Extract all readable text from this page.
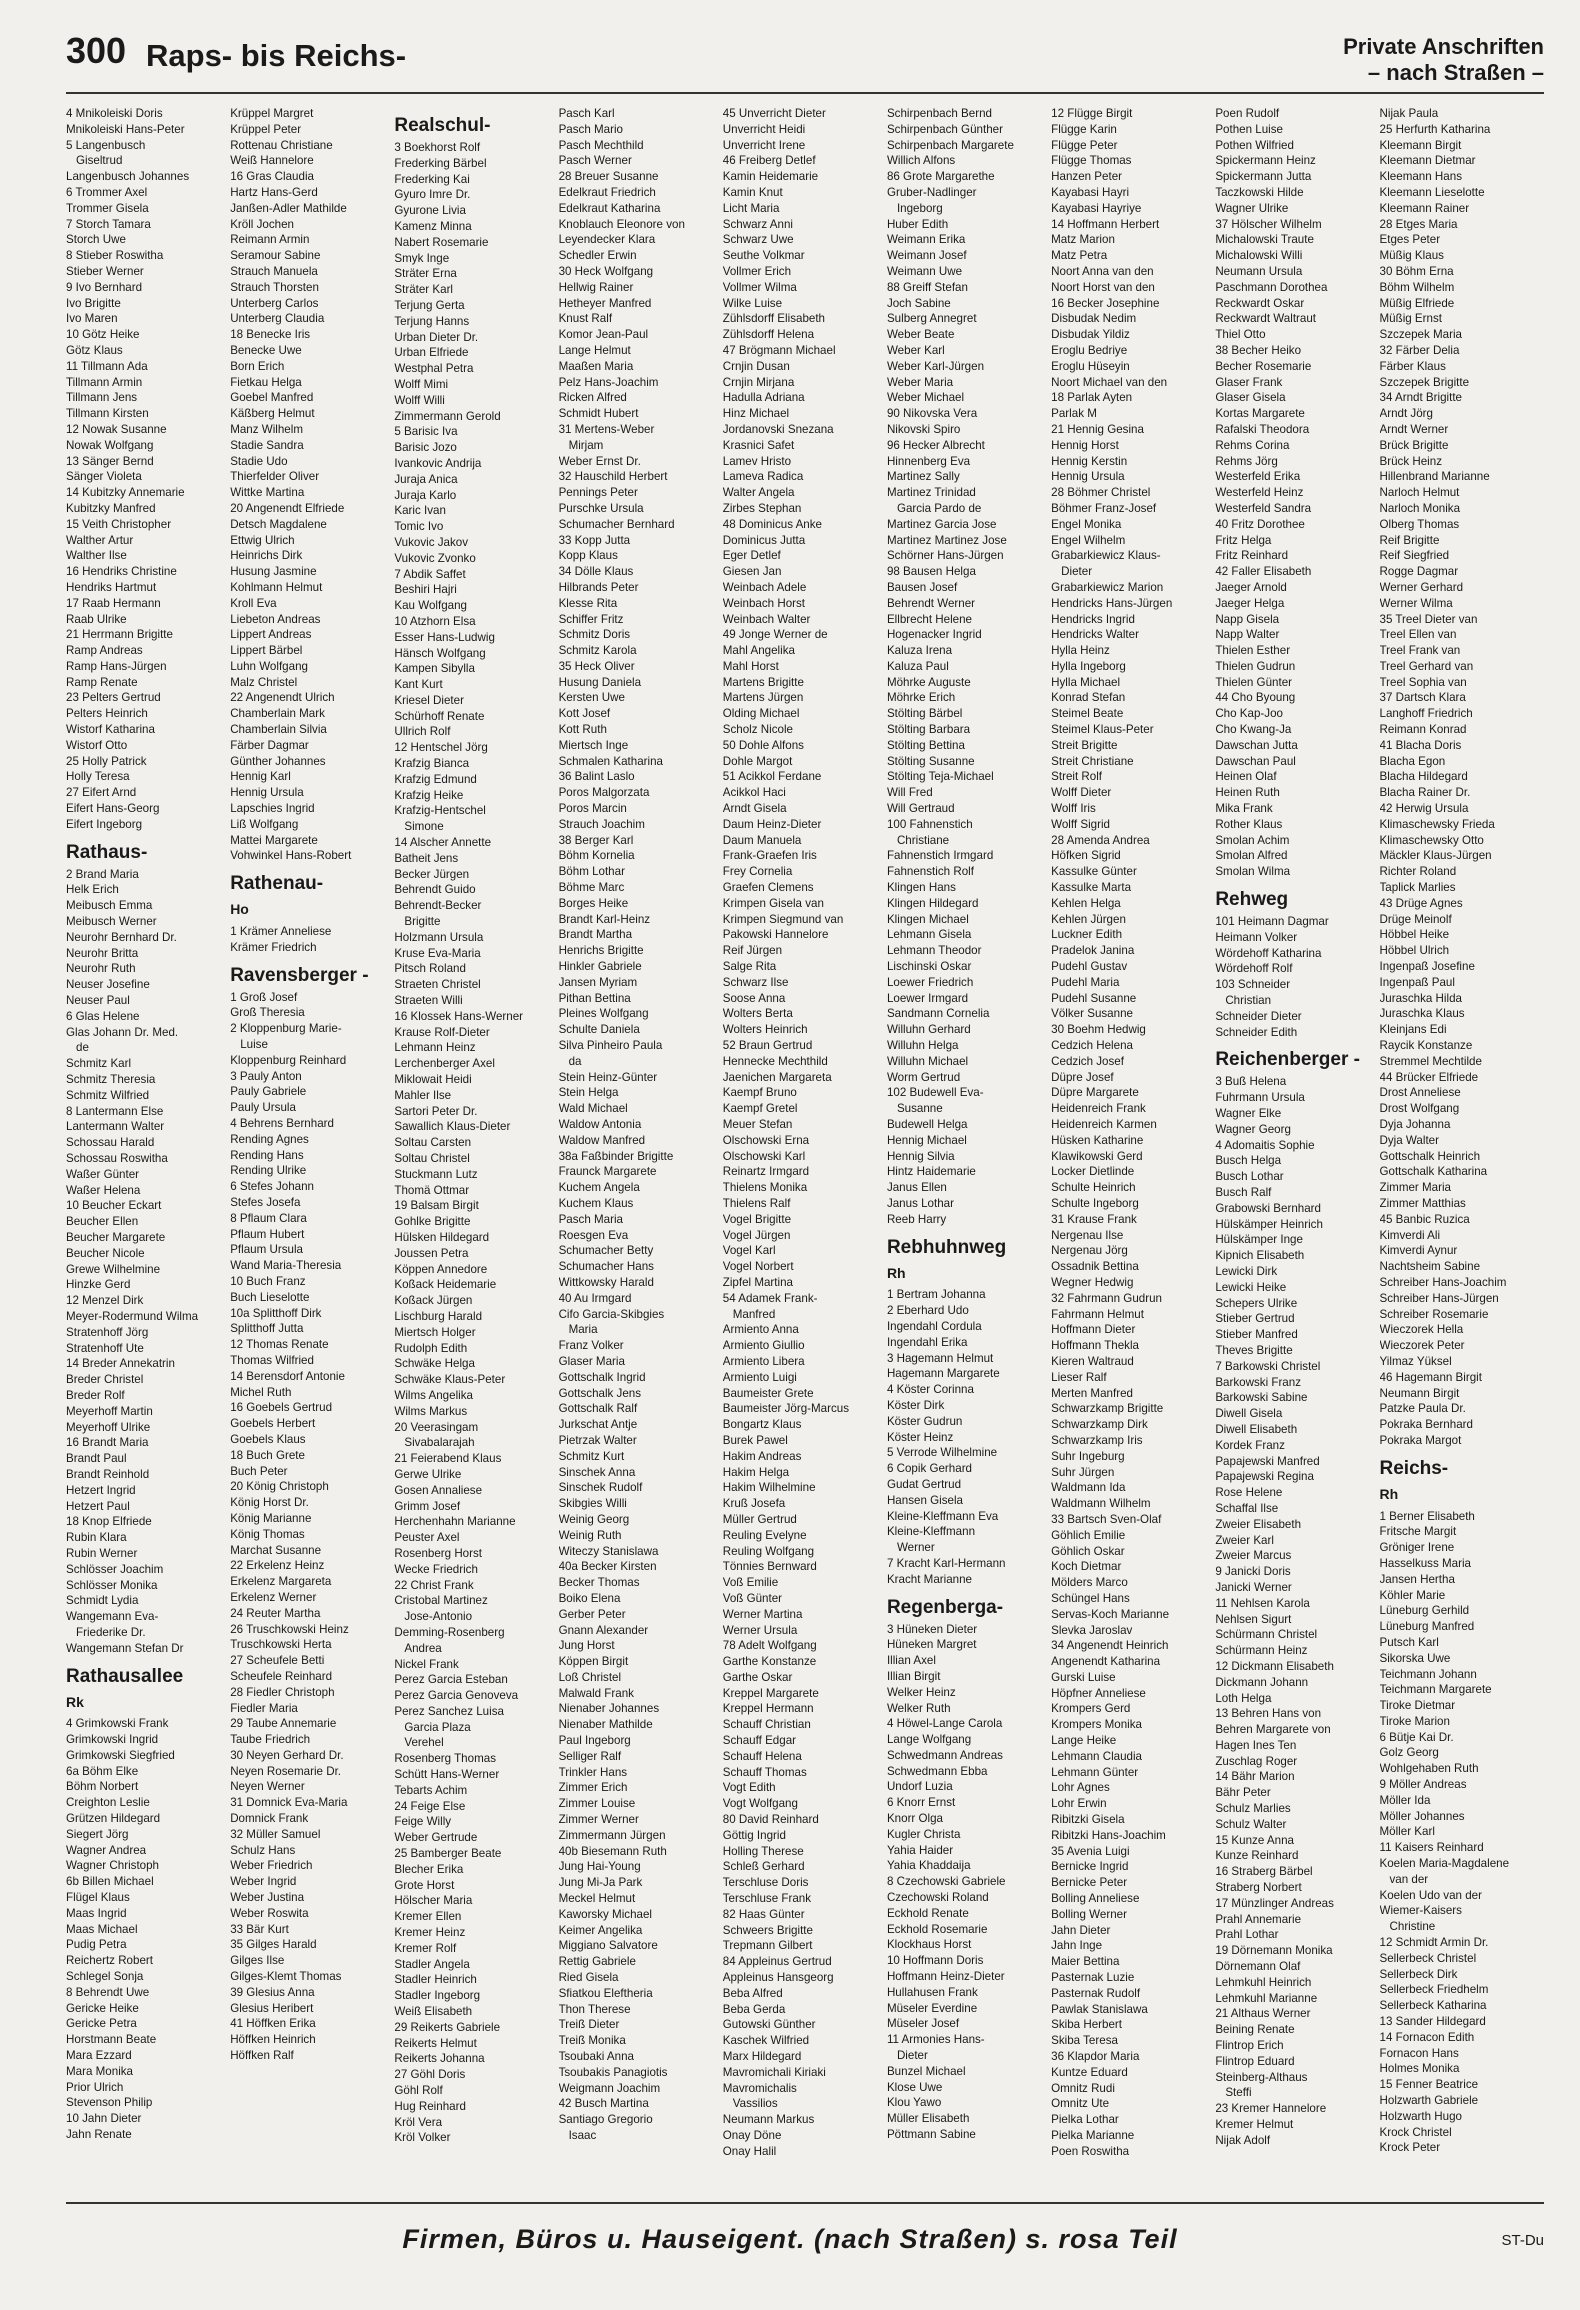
300 Raps- bis Reichs-	Private Anschriften
– nach Straßen –
4 Mnikoleiski Doris
Mnikoleiski Hans-Peter
5 Langenbusch
Giseltrud
Langenbusch Johannes
6 Trommer Axel
Trommer Gisela
7 Storch Tamara
Storch Uwe
8 Stieber Roswitha
Stieber Werner
9 Ivo Bernhard
Ivo Brigitte
Ivo Maren
10 Götz Heike
Götz Klaus
11 Tillmann Ada
Tillmann Armin
Tillmann Jens
Tillmann Kirsten
12 Nowak Susanne
Nowak Wolfgang
13 Sänger Bernd
Sänger Violeta
14 Kubitzky Annemarie
Kubitzky Manfred
15 Veith Christopher
Walther Artur
Walther Ilse
16 Hendriks Christine
Hendriks Hartmut
17 Raab Hermann
Raab Ulrike
21 Herrmann Brigitte
Ramp Andreas
Ramp Hans-Jürgen
Ramp Renate
23 Pelters Gertrud
Pelters Heinrich
Wistorf Katharina
Wistorf Otto
25 Holly Patrick
Holly Teresa
27 Eifert Arnd
Eifert Hans-Georg
Eifert Ingeborg
Rathaus-
2 Brand Maria
Helk Erich
Meibusch Emma
Meibusch Werner
Neurohr Bernhard Dr.
Neurohr Britta
Neurohr Ruth
Neuser Josefine
Neuser Paul
6 Glas Helene
Glas Johann Dr. Med.
de
Schmitz Karl
Schmitz Theresia
Schmitz Wilfried
8 Lantermann Else
Lantermann Walter
Schossau Harald
Schossau Roswitha
Waßer Günter
Waßer Helena
10 Beucher Eckart
Beucher Ellen
Beucher Margarete
Beucher Nicole
Grewe Wilhelmine
Hinzke Gerd
12 Menzel Dirk
Meyer-Rodermund Wilma
Stratenhoff Jörg
Stratenhoff Ute
14 Breder Annekatrin
Breder Christel
Breder Rolf
Meyerhoff Martin
Meyerhoff Ulrike
16 Brandt Maria
Brandt Paul
Brandt Reinhold
Hetzert Ingrid
Hetzert Paul
18 Knop Elfriede
Rubin Klara
Rubin Werner
Schlösser Joachim
Schlösser Monika
Schmidt Lydia
Wangemann Eva-
Friederike Dr.
Wangemann Stefan Dr
Rathausallee
Rk
4 Grimkowski Frank
Grimkowski Ingrid
Grimkowski Siegfried
6a Böhm Elke
Böhm Norbert
Creighton Leslie
Grützen Hildegard
Siegert Jörg
Wagner Andrea
Wagner Christoph
6b Billen Michael
Flügel Klaus
Maas Ingrid
Maas Michael
Pudig Petra
Reichertz Robert
Schlegel Sonja
8 Behrendt Uwe
Gericke Heike
Gericke Petra
Horstmann Beate
Mara Ezzard
Mara Monika
Prior Ulrich
Stevenson Philip
10 Jahn Dieter
Jahn Renate
Krüppel Margret
Krüppel Peter
Rottenau Christiane
Weiß Hannelore
16 Gras Claudia
Hartz Hans-Gerd
Janßen-Adler Mathilde
Kröll Jochen
Reimann Armin
Seramour Sabine
Strauch Manuela
Strauch Thorsten
Unterberg Carlos
Unterberg Claudia
18 Benecke Iris
Benecke Uwe
Born Erich
Fietkau Helga
Goebel Manfred
Käßberg Helmut
Manz Wilhelm
Stadie Sandra
Stadie Udo
Thierfelder Oliver
Wittke Martina
20 Angenendt Elfriede
Detsch Magdalene
Ettwig Ulrich
Heinrichs Dirk
Husung Jasmine
Kohlmann Helmut
Kroll Eva
Liebeton Andreas
Lippert Andreas
Lippert Bärbel
Luhn Wolfgang
Malz Christel
22 Angenendt Ulrich
Chamberlain Mark
Chamberlain Silvia
Färber Dagmar
Günther Johannes
Hennig Karl
Hennig Ursula
Lapschies Ingrid
Liß Wolfgang
Mattei Margarete
Vohwinkel Hans-Robert
Rathenau-
Ho
1 Krämer Anneliese
Krämer Friedrich
Ravensberger -
1 Groß Josef
Groß Theresia
2 Kloppenburg Marie-
Luise
Kloppenburg Reinhard
3 Pauly Anton
Pauly Gabriele
Pauly Ursula
4 Behrens Bernhard
Rending Agnes
Rending Hans
Rending Ulrike
6 Stefes Johann
Stefes Josefa
8 Pflaum Clara
Pflaum Hubert
Pflaum Ursula
Wand Maria-Theresia
10 Buch Franz
Buch Lieselotte
10a Splitthoff Dirk
Splitthoff Jutta
12 Thomas Renate
Thomas Wilfried
14 Berensdorf Antonie
Michel Ruth
16 Goebels Gertrud
Goebels Herbert
Goebels Klaus
18 Buch Grete
Buch Peter
20 König Christoph
König Horst Dr.
König Marianne
König Thomas
Marchat Susanne
22 Erkelenz Heinz
Erkelenz Margareta
Erkelenz Werner
24 Reuter Martha
26 Truschkowski Heinz
Truschkowski Herta
27 Scheufele Betti
Scheufele Reinhard
28 Fiedler Christoph
Fiedler Maria
29 Taube Annemarie
Taube Friedrich
30 Neyen Gerhard Dr.
Neyen Rosemarie Dr.
Neyen Werner
31 Domnick Eva-Maria
Domnick Frank
32 Müller Samuel
Schulz Hans
Weber Friedrich
Weber Ingrid
Weber Justina
Weber Roswita
33 Bär Kurt
35 Gilges Harald
Gilges Ilse
Gilges-Klemt Thomas
39 Glesius Anna
Glesius Heribert
41 Höffken Erika
Höffken Heinrich
Höffken Ralf
Realschul-
3 Boekhorst Rolf
Frederking Bärbel
Frederking Kai
Gyuro Imre Dr.
Gyurone Livia
Kamenz Minna
Nabert Rosemarie
Smyk Inge
Sträter Erna
Sträter Karl
Terjung Gerta
Terjung Hanns
Urban Dieter Dr.
Urban Elfriede
Westphal Petra
Wolff Mimi
Wolff Willi
Zimmermann Gerold
5 Barisic Iva
Barisic Jozo
Ivankovic Andrija
Juraja Anica
Juraja Karlo
Karic Ivan
Tomic Ivo
Vukovic Jakov
Vukovic Zvonko
7 Abdik Saffet
Beshiri Hajri
Kau Wolfgang
10 Atzhorn Elsa
Esser Hans-Ludwig
Hänsch Wolfgang
Kampen Sibylla
Kant Kurt
Kriesel Dieter
Schürhoff Renate
Ullrich Rolf
12 Hentschel Jörg
Krafzig Bianca
Krafzig Edmund
Krafzig Heike
Krafzig-Hentschel
Simone
14 Alscher Annette
Batheit Jens
Becker Jürgen
Behrendt Guido
Behrendt-Becker
Brigitte
Holzmann Ursula
Kruse Eva-Maria
Pitsch Roland
Straeten Christel
Straeten Willi
16 Klossek Hans-Werner
Krause Rolf-Dieter
Lehmann Heinz
Lerchenberger Axel
Miklowait Heidi
Mahler Ilse
Sartori Peter Dr.
Sawallich Klaus-Dieter
Soltau Carsten
Soltau Christel
Stuckmann Lutz
Thomä Ottmar
19 Balsam Birgit
Gohlke Brigitte
Hülsken Hildegard
Joussen Petra
Köppen Annedore
Koßack Heidemarie
Koßack Jürgen
Lischburg Harald
Miertsch Holger
Rudolph Edith
Schwäke Helga
Schwäke Klaus-Peter
Wilms Angelika
Wilms Markus
20 Veerasingam
Sivabalarajah
21 Feierabend Klaus
Gerwe Ulrike
Gosen Annaliese
Grimm Josef
Herchenhahn Marianne
Peuster Axel
Rosenberg Horst
Wecke Friedrich
22 Christ Frank
Cristobal Martinez
Jose-Antonio
Demming-Rosenberg
Andrea
Nickel Frank
Perez Garcia Esteban
Perez Garcia Genoveva
Perez Sanchez Luisa
Garcia Plaza
Verehel
Rosenberg Thomas
Schütt Hans-Werner
Tebarts Achim
24 Feige Else
Feige Willy
Weber Gertrude
25 Bamberger Beate
Blecher Erika
Grote Horst
Hölscher Maria
Kremer Ellen
Kremer Heinz
Kremer Rolf
Stadler Angela
Stadler Heinrich
Stadler Ingeborg
Weiß Elisabeth
29 Reikerts Gabriele
Reikerts Helmut
Reikerts Johanna
27 Göhl Doris
Göhl Rolf
Hug Reinhard
Kröl Vera
Kröl Volker
Pasch Karl
Pasch Mario
Pasch Mechthild
Pasch Werner
28 Breuer Susanne
Edelkraut Friedrich
Edelkraut Katharina
Knoblauch Eleonore von
Leyendecker Klara
Schedler Erwin
30 Heck Wolfgang
Hellwig Rainer
Hetheyer Manfred
Knust Ralf
Komor Jean-Paul
Lange Helmut
Maaßen Maria
Pelz Hans-Joachim
Ricken Alfred
Schmidt Hubert
31 Mertens-Weber
Mirjam
Weber Ernst Dr.
32 Hauschild Herbert
Pennings Peter
Purschke Ursula
Schumacher Bernhard
33 Kopp Jutta
Kopp Klaus
34 Dölle Klaus
Hilbrands Peter
Klesse Rita
Schiffer Fritz
Schmitz Doris
Schmitz Karola
35 Heck Oliver
Husung Daniela
Kersten Uwe
Kott Josef
Kott Ruth
Miertsch Inge
Schmalen Katharina
36 Balint Laslo
Poros Malgorzata
Poros Marcin
Strauch Joachim
38 Berger Karl
Böhm Kornelia
Böhm Lothar
Böhme Marc
Borges Heike
Brandt Karl-Heinz
Brandt Martha
Henrichs Brigitte
Hinkler Gabriele
Jansen Myriam
Pithan Bettina
Pleines Wolfgang
Schulte Daniela
Silva Pinheiro Paula
da
Stein Heinz-Günter
Stein Helga
Wald Michael
Waldow Antonia
Waldow Manfred
38a Faßbinder Brigitte
Fraunck Margarete
Kuchem Angela
Kuchem Klaus
Pasch Maria
Roesgen Eva
Schumacher Betty
Schumacher Hans
Wittkowsky Harald
40 Au Irmgard
Cifo Garcia-Skibgies
Maria
Franz Volker
Glaser Maria
Gottschalk Ingrid
Gottschalk Jens
Gottschalk Ralf
Jurkschat Antje
Pietrzak Walter
Schmitz Kurt
Sinschek Anna
Sinschek Rudolf
Skibgies Willi
Weinig Georg
Weinig Ruth
Witeczy Stanislawa
40a Becker Kirsten
Becker Thomas
Boiko Elena
Gerber Peter
Gnann Alexander
Jung Horst
Köppen Birgit
Loß Christel
Malwald Frank
Nienaber Johannes
Nienaber Mathilde
Paul Ingeborg
Selliger Ralf
Trinkler Hans
Zimmer Erich
Zimmer Louise
Zimmer Werner
Zimmermann Jürgen
40b Biesemann Ruth
Jung Hai-Young
Jung Mi-Ja Park
Meckel Helmut
Kaworsky Michael
Keimer Angelika
Miggiano Salvatore
Rettig Gabriele
Ried Gisela
Sfiatkou Eleftheria
Thon Therese
Treiß Dieter
Treiß Monika
Tsoubaki Anna
Tsoubakis Panagiotis
Weigmann Joachim
42 Busch Martina
Santiago Gregorio
Isaac
45 Unverricht Dieter
Unverricht Heidi
Unverricht Irene
46 Freiberg Detlef
Kamin Heidemarie
Kamin Knut
Licht Maria
Schwarz Anni
Schwarz Uwe
Seuthe Volkmar
Vollmer Erich
Vollmer Wilma
Wilke Luise
Zühlsdorff Elisabeth
Zühlsdorff Helena
47 Brögmann Michael
Crnjin Dusan
Crnjin Mirjana
Hadulla Adriana
Hinz Michael
Jordanovski Snezana
Krasnici Safet
Lamev Hristo
Lameva Radica
Walter Angela
Zirbes Stephan
48 Dominicus Anke
Dominicus Jutta
Eger Detlef
Giesen Jan
Weinbach Adele
Weinbach Horst
Weinbach Walter
49 Jonge Werner de
Mahl Angelika
Mahl Horst
Martens Brigitte
Martens Jürgen
Olding Michael
Scholz Nicole
50 Dohle Alfons
Dohle Margot
51 Acikkol Ferdane
Acikkol Haci
Arndt Gisela
Daum Heinz-Dieter
Daum Manuela
Frank-Graefen Iris
Frey Cornelia
Graefen Clemens
Krimpen Gisela van
Krimpen Siegmund van
Pakowski Hannelore
Reif Jürgen
Salge Rita
Schwarz Ilse
Soose Anna
Wolters Berta
Wolters Heinrich
52 Braun Gertrud
Hennecke Mechthild
Jaenichen Margareta
Kaempf Bruno
Kaempf Gretel
Meuer Stefan
Olschowski Erna
Olschowski Karl
Reinartz Irmgard
Thielens Monika
Thielens Ralf
Vogel Brigitte
Vogel Jürgen
Vogel Karl
Vogel Norbert
Zipfel Martina
54 Adamek Frank-
Manfred
Armiento Anna
Armiento Giullio
Armiento Libera
Armiento Luigi
Baumeister Grete
Baumeister Jörg-Marcus
Bongartz Klaus
Burek Pawel
Hakim Andreas
Hakim Helga
Hakim Wilhelmine
Kruß Josefa
Müller Gertrud
Reuling Evelyne
Reuling Wolfgang
Tönnies Bernward
Voß Emilie
Voß Günter
Werner Martina
Werner Ursula
78 Adelt Wolfgang
Garthe Konstanze
Garthe Oskar
Kreppel Margarete
Kreppel Hermann
Schauff Christian
Schauff Edgar
Schauff Helena
Schauff Thomas
Vogt Edith
Vogt Wolfgang
80 David Reinhard
Göttig Ingrid
Holling Therese
Schleß Gerhard
Terschluse Doris
Terschluse Frank
82 Haas Günter
Schweers Brigitte
Trepmann Gilbert
84 Appleinus Gertrud
Appleinus Hansgeorg
Beba Alfred
Beba Gerda
Gutowski Günther
Kaschek Wilfried
Marx Hildegard
Mavromichali Kiriaki
Mavromichalis
Vassilios
Neumann Markus
Onay Döne
Onay Halil
Schirpenbach Bernd
Schirpenbach Günther
Schirpenbach Margarete
Willich Alfons
86 Grote Margarethe
Gruber-Nadlinger
Ingeborg
Huber Edith
Weimann Erika
Weimann Josef
Weimann Uwe
88 Greiff Stefan
Joch Sabine
Sulberg Annegret
Weber Beate
Weber Karl
Weber Karl-Jürgen
Weber Maria
Weber Michael
90 Nikovska Vera
Nikovski Spiro
96 Hecker Albrecht
Hinnenberg Eva
Martinez Sally
Martinez Trinidad
Garcia Pardo de
Martinez Garcia Jose
Martinez Martinez Jose
Schörner Hans-Jürgen
98 Bausen Helga
Bausen Josef
Behrendt Werner
Ellbrecht Helene
Hogenacker Ingrid
Kaluza Irena
Kaluza Paul
Möhrke Auguste
Möhrke Erich
Stölting Bärbel
Stölting Barbara
Stölting Bettina
Stölting Susanne
Stölting Teja-Michael
Will Fred
Will Gertraud
100 Fahnenstich
Christiane
Fahnenstich Irmgard
Fahnenstich Rolf
Klingen Hans
Klingen Hildegard
Klingen Michael
Lehmann Gisela
Lehmann Theodor
Lischinski Oskar
Loewer Friedrich
Loewer Irmgard
Sandmann Cornelia
Willuhn Gerhard
Willuhn Helga
Willuhn Michael
Worm Gertrud
102 Budewell Eva-
Susanne
Budewell Helga
Hennig Michael
Hennig Silvia
Hintz Haidemarie
Janus Ellen
Janus Lothar
Reeb Harry
Rebhuhnweg
Rh
1 Bertram Johanna
2 Eberhard Udo
Ingendahl Cordula
Ingendahl Erika
3 Hagemann Helmut
Hagemann Margarete
4 Köster Corinna
Köster Dirk
Köster Gudrun
Köster Heinz
5 Verrode Wilhelmine
6 Copik Gerhard
Gudat Gertrud
Hansen Gisela
Kleine-Kleffmann Eva
Kleine-Kleffmann
Werner
7 Kracht Karl-Hermann
Kracht Marianne
Regenberga-
3 Hüneken Dieter
Hüneken Margret
Illian Axel
Illian Birgit
Welker Heinz
Welker Ruth
4 Höwel-Lange Carola
Lange Wolfgang
Schwedmann Andreas
Schwedmann Ebba
Undorf Luzia
6 Knorr Ernst
Knorr Olga
Kugler Christa
Yahia Haider
Yahia Khaddaija
8 Czechowski Gabriele
Czechowski Roland
Eckhold Renate
Eckhold Rosemarie
Klockhaus Horst
10 Hoffmann Doris
Hoffmann Heinz-Dieter
Hullahusen Frank
Müseler Everdine
Müseler Josef
11 Armonies Hans-
Dieter
Bunzel Michael
Klose Uwe
Klou Yawo
Müller Elisabeth
Pöttmann Sabine
12 Flügge Birgit
Flügge Karin
Flügge Peter
Flügge Thomas
Hanzen Peter
Kayabasi Hayri
Kayabasi Hayriye
14 Hoffmann Herbert
Matz Marion
Matz Petra
Noort Anna van den
Noort Horst van den
16 Becker Josephine
Disbudak Nedim
Disbudak Yildiz
Eroglu Bedriye
Eroglu Hüseyin
Noort Michael van den
18 Parlak Ayten
Parlak M
21 Hennig Gesina
Hennig Horst
Hennig Kerstin
Hennig Ursula
28 Böhmer Christel
Böhmer Franz-Josef
Engel Monika
Engel Wilhelm
Grabarkiewicz Klaus-
Dieter
Grabarkiewicz Marion
Hendricks Hans-Jürgen
Hendricks Ingrid
Hendricks Walter
Hylla Heinz
Hylla Ingeborg
Hylla Michael
Konrad Stefan
Steimel Beate
Steimel Klaus-Peter
Streit Brigitte
Streit Christiane
Streit Rolf
Wolff Dieter
Wolff Iris
Wolff Sigrid
28 Amenda Andrea
Höfken Sigrid
Kassulke Günter
Kassulke Marta
Kehlen Helga
Kehlen Jürgen
Luckner Edith
Pradelok Janina
Pudehl Gustav
Pudehl Maria
Pudehl Susanne
Völker Susanne
30 Boehm Hedwig
Cedzich Helena
Cedzich Josef
Düpre Josef
Düpre Margarete
Heidenreich Frank
Heidenreich Karmen
Hüsken Katharine
Klawikowski Gerd
Locker Dietlinde
Schulte Heinrich
Schulte Ingeborg
31 Krause Frank
Nergenau Ilse
Nergenau Jörg
Ossadnik Bettina
Wegner Hedwig
32 Fahrmann Gudrun
Fahrmann Helmut
Hoffmann Dieter
Hoffmann Thekla
Kieren Waltraud
Lieser Ralf
Merten Manfred
Schwarzkamp Brigitte
Schwarzkamp Dirk
Schwarzkamp Iris
Suhr Ingeburg
Suhr Jürgen
Waldmann Ida
Waldmann Wilhelm
33 Bartsch Sven-Olaf
Göhlich Emilie
Göhlich Oskar
Koch Dietmar
Mölders Marco
Schüngel Hans
Servas-Koch Marianne
Slevka Jaroslav
34 Angenendt Heinrich
Angenendt Katharina
Gurski Luise
Höpfner Anneliese
Krompers Gerd
Krompers Monika
Lange Heike
Lehmann Claudia
Lehmann Günter
Lohr Agnes
Lohr Erwin
Ribitzki Gisela
Ribitzki Hans-Joachim
35 Avenia Luigi
Bernicke Ingrid
Bernicke Peter
Bolling Anneliese
Bolling Werner
Jahn Dieter
Jahn Inge
Maier Bettina
Pasternak Luzie
Pasternak Rudolf
Pawlak Stanislawa
Skiba Herbert
Skiba Teresa
36 Klapdor Maria
Kuntze Eduard
Omnitz Rudi
Omnitz Ute
Pielka Lothar
Pielka Marianne
Poen Roswitha
Poen Rudolf
Pothen Luise
Pothen Wilfried
Spickermann Heinz
Spickermann Jutta
Taczkowski Hilde
Wagner Ulrike
37 Hölscher Wilhelm
Michalowski Traute
Michalowski Willi
Neumann Ursula
Paschmann Dorothea
Reckwardt Oskar
Reckwardt Waltraut
Thiel Otto
38 Becher Heiko
Becher Rosemarie
Glaser Frank
Glaser Gisela
Kortas Margarete
Rafalski Theodora
Rehms Corina
Rehms Jörg
Westerfeld Erika
Westerfeld Heinz
Westerfeld Sandra
40 Fritz Dorothee
Fritz Helga
Fritz Reinhard
42 Faller Elisabeth
Jaeger Arnold
Jaeger Helga
Napp Gisela
Napp Walter
Thielen Esther
Thielen Gudrun
Thielen Günter
44 Cho Byoung
Cho Kap-Joo
Cho Kwang-Ja
Dawschan Jutta
Dawschan Paul
Heinen Olaf
Heinen Ruth
Mika Frank
Rother Klaus
Smolan Achim
Smolan Alfred
Smolan Wilma
Rehweg
101 Heimann Dagmar
Heimann Volker
Wördehoff Katharina
Wördehoff Rolf
103 Schneider
Christian
Schneider Dieter
Schneider Edith
Reichenberger -
3 Buß Helena
Fuhrmann Ursula
Wagner Elke
Wagner Georg
4 Adomaitis Sophie
Busch Helga
Busch Lothar
Busch Ralf
Grabowski Bernhard
Hülskämper Heinrich
Hülskämper Inge
Kipnich Elisabeth
Lewicki Dirk
Lewicki Heike
Schepers Ulrike
Stieber Gertrud
Stieber Manfred
Theves Brigitte
7 Barkowski Christel
Barkowski Franz
Barkowski Sabine
Diwell Gisela
Diwell Elisabeth
Kordek Franz
Papajewski Manfred
Papajewski Regina
Rose Helene
Schaffal Ilse
Zweier Elisabeth
Zweier Karl
Zweier Marcus
9 Janicki Doris
Janicki Werner
11 Nehlsen Karola
Nehlsen Sigurt
Schürmann Christel
Schürmann Heinz
12 Dickmann Elisabeth
Dickmann Johann
Loth Helga
13 Behren Hans von
Behren Margarete von
Hagen Ines Ten
Zuschlag Roger
14 Bähr Marion
Bähr Peter
Schulz Marlies
Schulz Walter
15 Kunze Anna
Kunze Reinhard
16 Straberg Bärbel
Straberg Norbert
17 Münzlinger Andreas
Prahl Annemarie
Prahl Lothar
19 Dörnemann Monika
Dörnemann Olaf
Lehmkuhl Heinrich
Lehmkuhl Marianne
21 Althaus Werner
Beining Renate
Flintrop Erich
Flintrop Eduard
Steinberg-Althaus
Steffi
23 Kremer Hannelore
Kremer Helmut
Nijak Adolf
Nijak Paula
25 Herfurth Katharina
Kleemann Birgit
Kleemann Dietmar
Kleemann Hans
Kleemann Lieselotte
Kleemann Rainer
28 Etges Maria
Etges Peter
Müßig Klaus
30 Böhm Erna
Böhm Wilhelm
Müßig Elfriede
Müßig Ernst
Szczepek Maria
32 Färber Delia
Färber Klaus
Szczepek Brigitte
34 Arndt Brigitte
Arndt Jörg
Arndt Werner
Brück Brigitte
Brück Heinz
Hillenbrand Marianne
Narloch Helmut
Narloch Monika
Olberg Thomas
Reif Brigitte
Reif Siegfried
Rogge Dagmar
Werner Gerhard
Werner Wilma
35 Treel Dieter van
Treel Ellen van
Treel Frank van
Treel Gerhard van
Treel Sophia van
37 Dartsch Klara
Langhoff Friedrich
Reimann Konrad
41 Blacha Doris
Blacha Egon
Blacha Hildegard
Blacha Rainer Dr.
42 Herwig Ursula
Klimaschewsky Frieda
Klimaschewsky Otto
Mäckler Klaus-Jürgen
Richter Roland
Taplick Marlies
43 Drüge Agnes
Drüge Meinolf
Höbbel Heike
Höbbel Ulrich
Ingenpaß Josefine
Ingenpaß Paul
Juraschka Hilda
Juraschka Klaus
Kleinjans Edi
Raycik Konstanze
Stremmel Mechtilde
44 Brücker Elfriede
Drost Anneliese
Drost Wolfgang
Dyja Johanna
Dyja Walter
Gottschalk Heinrich
Gottschalk Katharina
Zimmer Maria
Zimmer Matthias
45 Banbic Ruzica
Kimverdi Ali
Kimverdi Aynur
Nachtsheim Sabine
Schreiber Hans-Joachim
Schreiber Hans-Jürgen
Schreiber Rosemarie
Wieczorek Hella
Wieczorek Peter
Yilmaz Yüksel
46 Hagemann Birgit
Neumann Birgit
Patzke Paula Dr.
Pokraka Bernhard
Pokraka Margot
Reichs-
Rh
1 Berner Elisabeth
Fritsche Margit
Gröniger Irene
Hasselkuss Maria
Jansen Hertha
Köhler Marie
Lüneburg Gerhild
Lüneburg Manfred
Putsch Karl
Sikorska Uwe
Teichmann Johann
Teichmann Margarete
Tiroke Dietmar
Tiroke Marion
6 Bütje Kai Dr.
Golz Georg
Wohlgehaben Ruth
9 Möller Andreas
Möller Ida
Möller Johannes
Möller Karl
11 Kaisers Reinhard
Koelen Maria-Magdalene
van der
Koelen Udo van der
Wiemer-Kaisers
Christine
12 Schmidt Armin Dr.
Sellerbeck Christel
Sellerbeck Dirk
Sellerbeck Friedhelm
Sellerbeck Katharina
13 Sander Hildegard
14 Fornacon Edith
Fornacon Hans
Holmes Monika
15 Fenner Beatrice
Holzwarth Gabriele
Holzwarth Hugo
Krock Christel
Krock Peter
Firmen, Büros u. Hauseigent. (nach Straßen) s. rosa Teil	ST-Du
